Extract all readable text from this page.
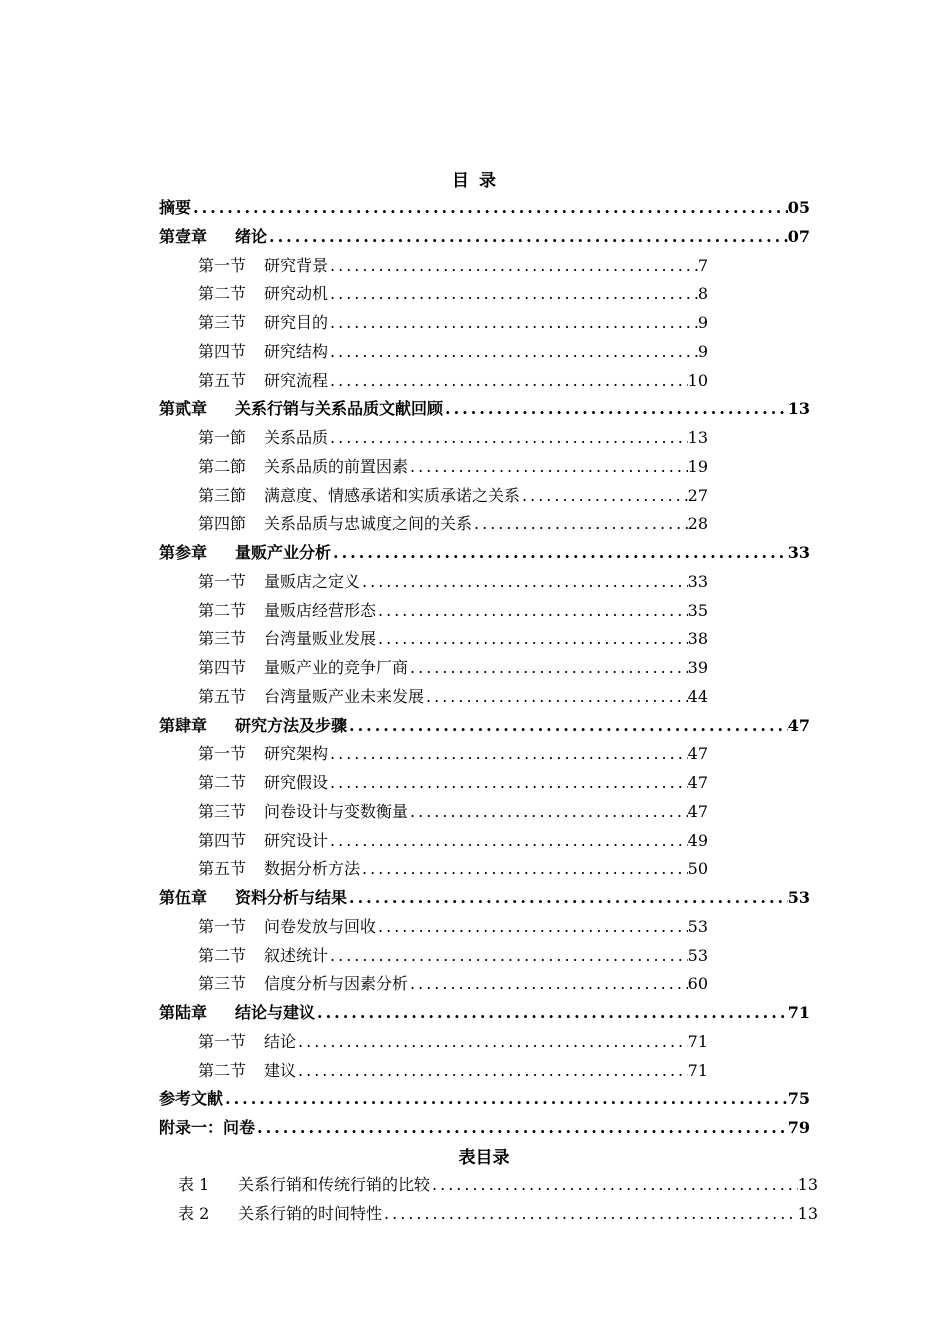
目 录
摘要 .....	05
第壹章 绪论 .....	07
第一节 研究背景 .....	7
第二节 研究动机 .....	8
第三节 研究目的 .....	9
第四节 研究结构 .....	9
第五节 研究流程 .....	10
第贰章 关系行销与关系品质文献回顾 .....	13
第一節 关系品质 .....	13
第二節 关系品质的前置因素 .....	19
第三節 满意度、情感承诺和实质承诺之关系 .....	27
第四節 关系品质与忠诚度之间的关系 .....	28
第参章 量贩产业分析 .....	33
第一节 量贩店之定义 .....	33
第二节 量贩店经营形态 .....	35
第三节 台湾量贩业发展 .....	38
第四节 量贩产业的竞争厂商 .....	39
第五节 台湾量贩产业未来发展 .....	44
第肆章 研究方法及步骤 .....	47
第一节 研究架构 .....	47
第二节 研究假设 .....	47
第三节 问卷设计与变数衡量 .....	47
第四节 研究设计 .....	49
第五节 数据分析方法 .....	50
第伍章 资料分析与结果 .....	53
第一节 问卷发放与回收 .....	53
第二节 叙述统计 .....	53
第三节 信度分析与因素分析 .....	60
第陆章 结论与建议 .....	71
第一节 结论 .....	71
第二节 建议 .....	71
参考文献 .....	75
附录一：问卷 .....	79
表目录
表 1 关系行销和传统行销的比较 .....	13
表 2 关系行销的时间特性 .....	13
